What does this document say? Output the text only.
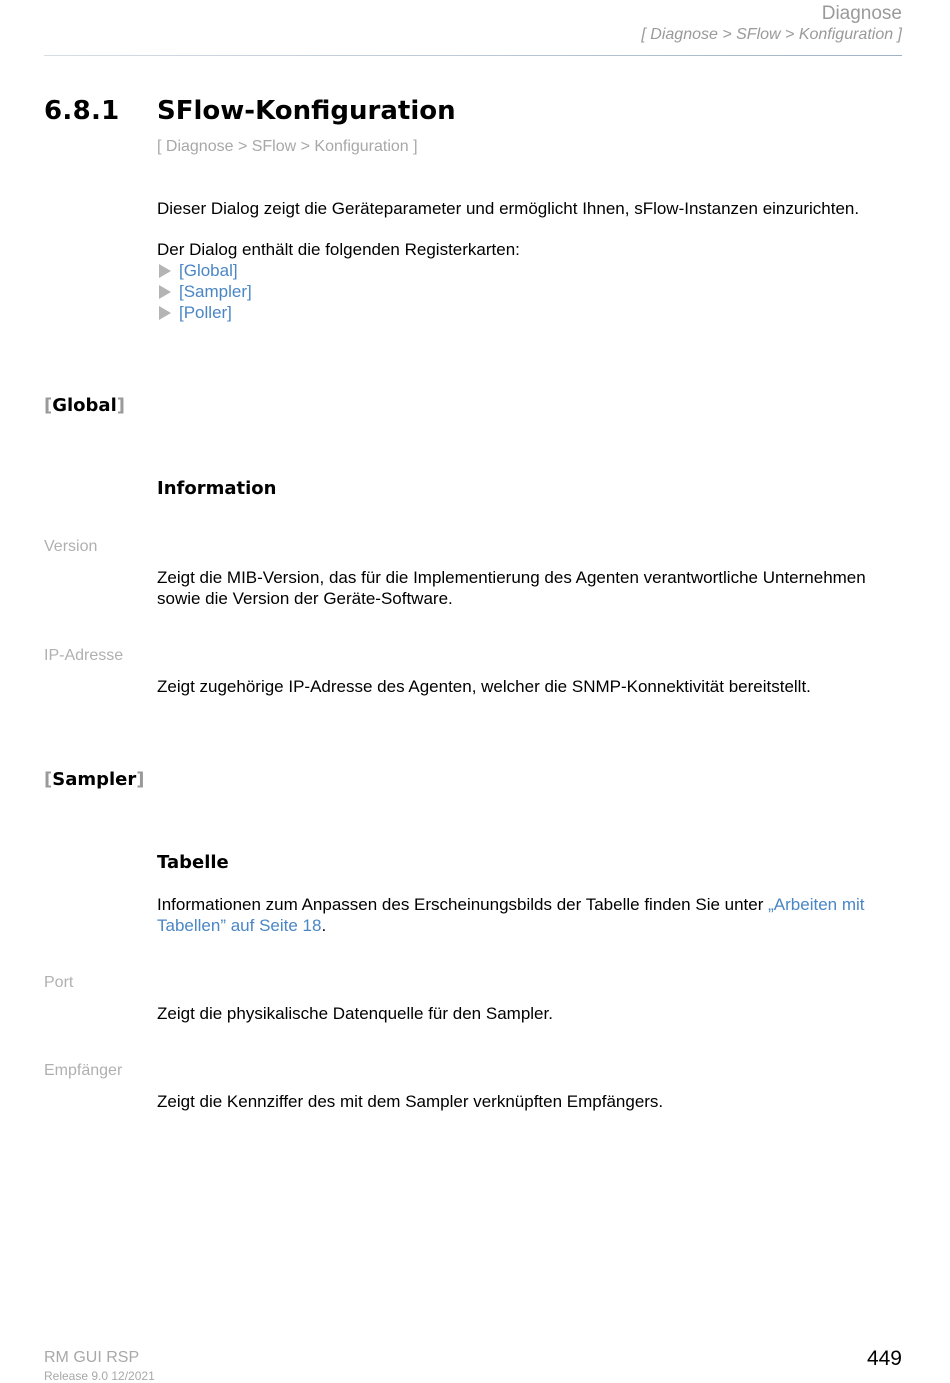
Diagnose
[ Diagnose > SFlow > Konfiguration ]
6.8.1 SFlow-Konfiguration
[ Diagnose > SFlow > Konfiguration ]
Dieser Dialog zeigt die Geräteparameter und ermöglicht Ihnen, sFlow-Instanzen einzurichten.
Der Dialog enthält die folgenden Registerkarten:
[Global]
[Sampler]
[Poller]
[Global]
Information
Version
Zeigt die MIB-Version, das für die Implementierung des Agenten verantwortliche Unternehmen sowie die Version der Geräte-Software.
IP-Adresse
Zeigt zugehörige IP-Adresse des Agenten, welcher die SNMP-Konnektivität bereitstellt.
[Sampler]
Tabelle
Informationen zum Anpassen des Erscheinungsbilds der Tabelle finden Sie unter „Arbeiten mit Tabellen” auf Seite 18.
Port
Zeigt die physikalische Datenquelle für den Sampler.
Empfänger
Zeigt die Kennziffer des mit dem Sampler verknüpften Empfängers.
RM GUI RSP
Release 9.0 12/2021
449
